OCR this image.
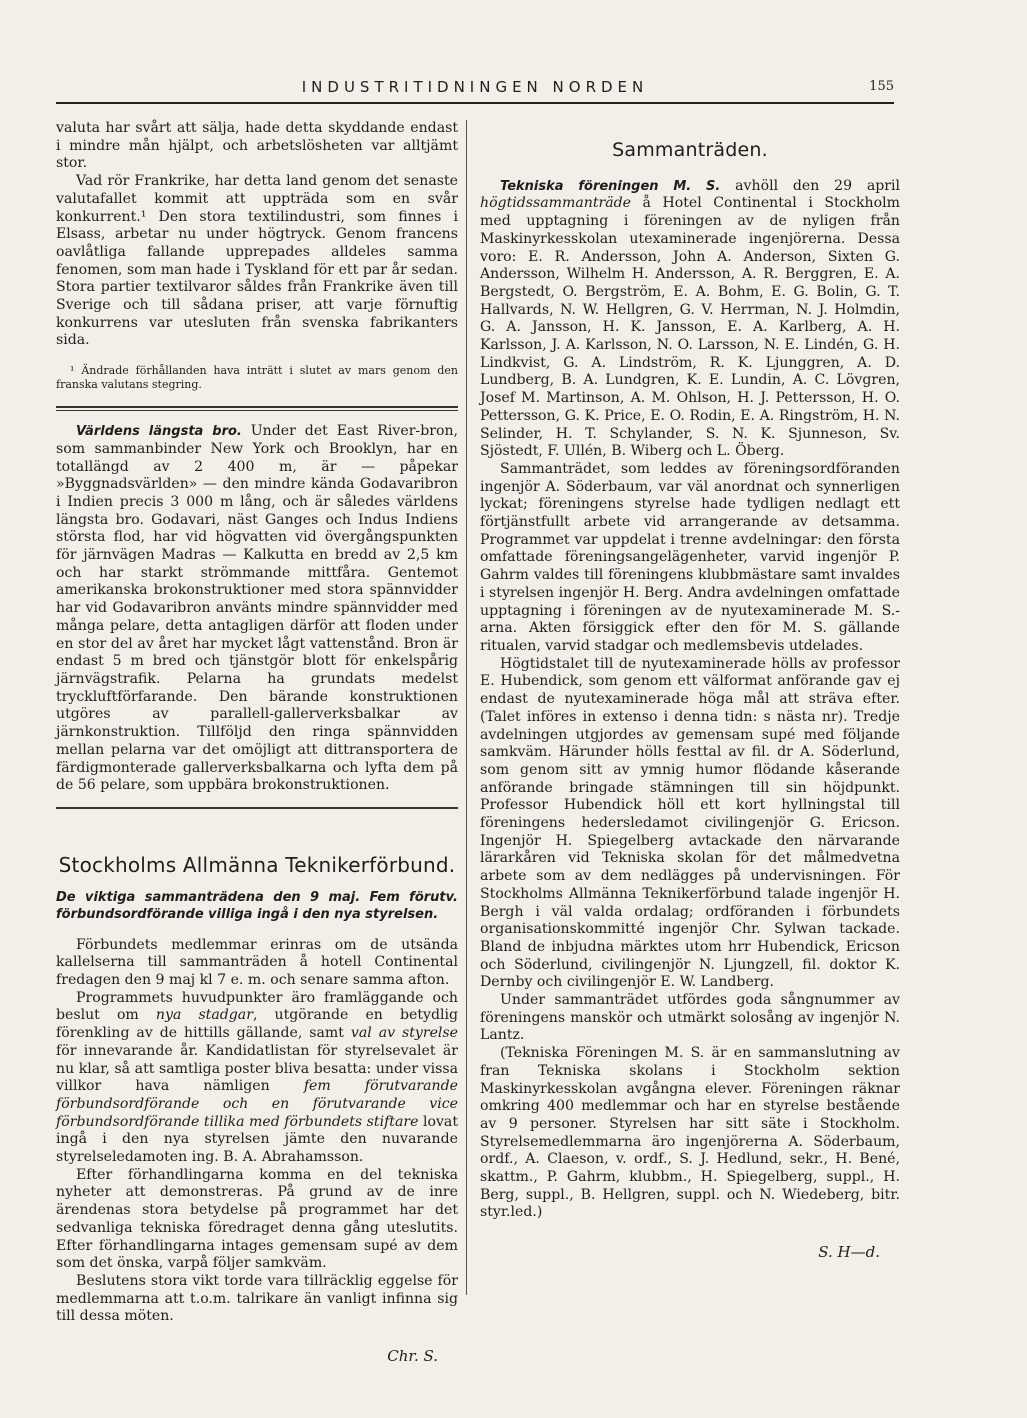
INDUSTRITIDNINGEN NORDEN	155

valuta har svårt att sälja, hade detta skyddande endast i mindre mån hjälpt, och arbetslösheten var alltjämt stor.

Vad rör Frankrike, har detta land genom det senaste valutafallet kommit att uppträda som en svår konkurrent.¹ Den stora textilindustri, som finnes i Elsass, arbetar nu under högtryck. Genom francens oavlåtliga fallande upprepades alldeles samma fenomen, som man hade i Tyskland för ett par år sedan. Stora partier textilvaror såldes från Frankrike även till Sverige och till sådana priser, att varje förnuftig konkurrens var utesluten från svenska fabrikanters sida.

¹ Ändrade förhållanden hava inträtt i slutet av mars genom den franska valutans stegring.

Världens längsta bro. Under det East River-bron, som sammanbinder New York och Brooklyn, har en totallängd av 2 400 m, är — påpekar »Byggnadsvärlden» — den mindre kända Godavaribron i Indien precis 3 000 m lång, och är således världens längsta bro. Godavari, näst Ganges och Indus Indiens största flod, har vid högvatten vid övergångspunkten för järnvägen Madras — Kalkutta en bredd av 2,5 km och har starkt strömmande mittfåra. Gentemot amerikanska brokonstruktioner med stora spännvidder har vid Godavaribron använts mindre spännvidder med många pelare, detta antagligen därför att floden under en stor del av året har mycket lågt vattenstånd. Bron är endast 5 m bred och tjänstgör blott för enkelspårig järnvägstrafik. Pelarna ha grundats medelst tryckluftförfarande. Den bärande konstruktionen utgöres av parallell-gallerverksbalkar av järnkonstruktion. Tillföljd den ringa spännvidden mellan pelarna var det omöjligt att dittransportera de färdigmonterade gallerverksbalkarna och lyfta dem på de 56 pelare, som uppbära brokonstruktionen.

Stockholms Allmänna Teknikerförbund.
De viktiga sammanträdena den 9 maj. Fem förutv. förbundsordförande villiga ingå i den nya styrelsen.

Förbundets medlemmar erinras om de utsända kallelserna till sammanträden å hotell Continental fredagen den 9 maj kl 7 e. m. och senare samma afton.

Programmets huvudpunkter äro framläggande och beslut om nya stadgar, utgörande en betydlig förenkling av de hittills gällande, samt val av styrelse för innevarande år. Kandidatlistan för styrelsevalet är nu klar, så att samtliga poster bliva besatta: under vissa villkor hava nämligen fem förutvarande förbundsordförande och en förutvarande vice förbundsordförande tillika med förbundets stiftare lovat ingå i den nya styrelsen jämte den nuvarande styrelseledamoten ing. B. A. Abrahamsson.

Efter förhandlingarna komma en del tekniska nyheter att demonstreras. På grund av de inre ärendenas stora betydelse på programmet har det sedvanliga tekniska föredraget denna gång uteslutits. Efter förhandlingarna intages gemensam supé av dem som det önska, varpå följer samkväm.

Beslutens stora vikt torde vara tillräcklig eggelse för medlemmarna att t.o.m. talrikare än vanligt infinna sig till dessa möten.

Chr. S.
Sammanträden.

Tekniska föreningen M. S. avhöll den 29 april högtidssammanträde å Hotel Continental i Stockholm med upptagning i föreningen av de nyligen från Maskinyrkesskolan utexaminerade ingenjörerna. Dessa voro: E. R. Andersson, John A. Anderson, Sixten G. Andersson, Wilhelm H. Andersson, A. R. Berggren, E. A. Bergstedt, O. Bergström, E. A. Bohm, E. G. Bolin, G. T. Hallvards, N. W. Hellgren, G. V. Herrman, N. J. Holmdin, G. A. Jansson, H. K. Jansson, E. A. Karlberg, A. H. Karlsson, J. A. Karlsson, N. O. Larsson, N. E. Lindén, G. H. Lindkvist, G. A. Lindström, R. K. Ljunggren, A. D. Lundberg, B. A. Lundgren, K. E. Lundin, A. C. Lövgren, Josef M. Martinson, A. M. Ohlson, H. J. Pettersson, H. O. Pettersson, G. K. Price, E. O. Rodin, E. A. Ringström, H. N. Selinder, H. T. Schylander, S. N. K. Sjunneson, Sv. Sjöstedt, F. Ullén, B. Wiberg och L. Öberg.

Sammanträdet, som leddes av föreningsordföranden ingenjör A. Söderbaum, var väl anordnat och synnerligen lyckat; föreningens styrelse hade tydligen nedlagt ett förtjänstfullt arbete vid arrangerande av detsamma. Programmet var uppdelat i trenne avdelningar: den första omfattade föreningsangelägenheter, varvid ingenjör P. Gahrm valdes till föreningens klubbmästare samt invaldes i styrelsen ingenjör H. Berg. Andra avdelningen omfattade upptagning i föreningen av de nyutexaminerade M. S.-arna. Akten försiggick efter den för M. S. gällande ritualen, varvid stadgar och medlemsbevis utdelades.

Högtidstalet till de nyutexaminerade hölls av professor E. Hubendick, som genom ett välformat anförande gav ej endast de nyutexaminerade höga mål att sträva efter. (Talet införes in extenso i denna tidn: s nästa nr). Tredje avdelningen utgjordes av gemensam supé med följande samkväm. Härunder hölls festtal av fil. dr A. Söderlund, som genom sitt av ymnig humor flödande kåserande anförande bringade stämningen till sin höjdpunkt. Professor Hubendick höll ett kort hyllningstal till föreningens hedersledamot civilingenjör G. Ericson. Ingenjör H. Spiegelberg avtackade den närvarande lärarkåren vid Tekniska skolan för det målmedvetna arbete som av dem nedlägges på undervisningen. För Stockholms Allmänna Teknikerförbund talade ingenjör H. Bergh i väl valda ordalag; ordföranden i förbundets organisationskommitté ingenjör Chr. Sylwan tackade. Bland de inbjudna märktes utom hrr Hubendick, Ericson och Söderlund, civilingenjör N. Ljungzell, fil. doktor K. Dernby och civilingenjör E. W. Landberg.

Under sammanträdet utfördes goda sångnummer av föreningens manskör och utmärkt solosång av ingenjör N. Lantz.

(Tekniska Föreningen M. S. är en sammanslutning av fran Tekniska skolans i Stockholm sektion Maskinyrkesskolan avgångna elever. Föreningen räknar omkring 400 medlemmar och har en styrelse bestående av 9 personer. Styrelsen har sitt säte i Stockholm. Styrelsemedlemmarna äro ingenjörerna A. Söderbaum, ordf., A. Claeson, v. ordf., S. J. Hedlund, sekr., H. Bené, skattm., P. Gahrm, klubbm., H. Spiegelberg, suppl., H. Berg, suppl., B. Hellgren, suppl. och N. Wiedeberg, bitr. styr.led.)

S. H—d.
